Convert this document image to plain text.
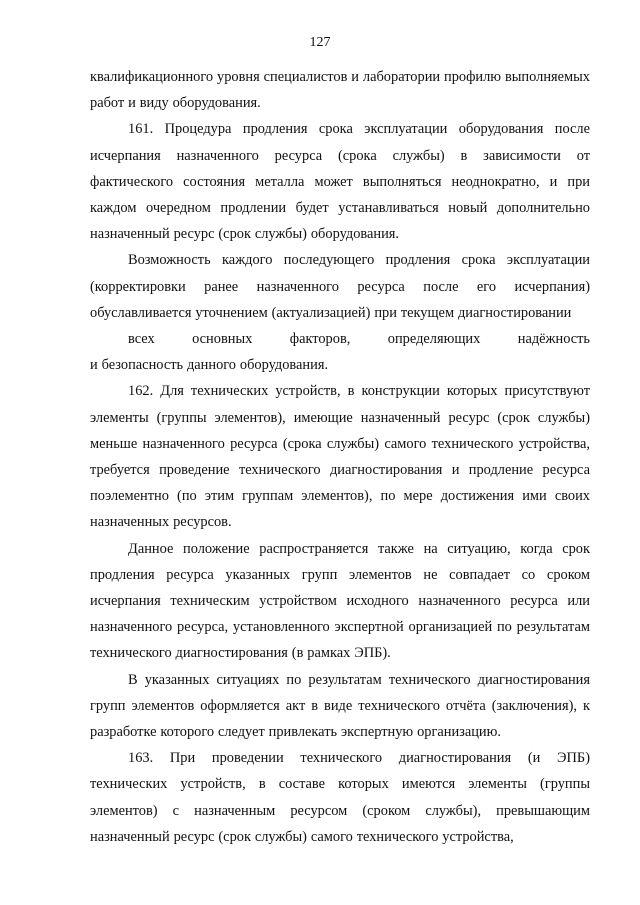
127

квалификационного уровня специалистов и лаборатории профилю выполняемых работ и виду оборудования.

161. Процедура продления срока эксплуатации оборудования после исчерпания назначенного ресурса (срока службы) в зависимости от фактического состояния металла может выполняться неоднократно, и при каждом очередном продлении будет устанавливаться новый дополнительно назначенный ресурс (срок службы) оборудования.

Возможность каждого последующего продления срока эксплуатации (корректировки ранее назначенного ресурса после его исчерпания) обуславливается уточнением (актуализацией) при текущем диагностировании
всех основных факторов, определяющих надёжность
и безопасность данного оборудования.

162. Для технических устройств, в конструкции которых присутствуют элементы (группы элементов), имеющие назначенный ресурс (срок службы) меньше назначенного ресурса (срока службы) самого технического устройства, требуется проведение технического диагностирования и продление ресурса поэлементно (по этим группам элементов), по мере достижения ими своих назначенных ресурсов.

Данное положение распространяется также на ситуацию, когда срок продления ресурса указанных групп элементов не совпадает со сроком исчерпания техническим устройством исходного назначенного ресурса или назначенного ресурса, установленного экспертной организацией по результатам технического диагностирования (в рамках ЭПБ).

В указанных ситуациях по результатам технического диагностирования групп элементов оформляется акт в виде технического отчёта (заключения), к разработке которого следует привлекать экспертную организацию.

163. При проведении технического диагностирования (и ЭПБ) технических устройств, в составе которых имеются элементы (группы элементов) с назначенным ресурсом (сроком службы), превышающим назначенный ресурс (срок службы) самого технического устройства,
